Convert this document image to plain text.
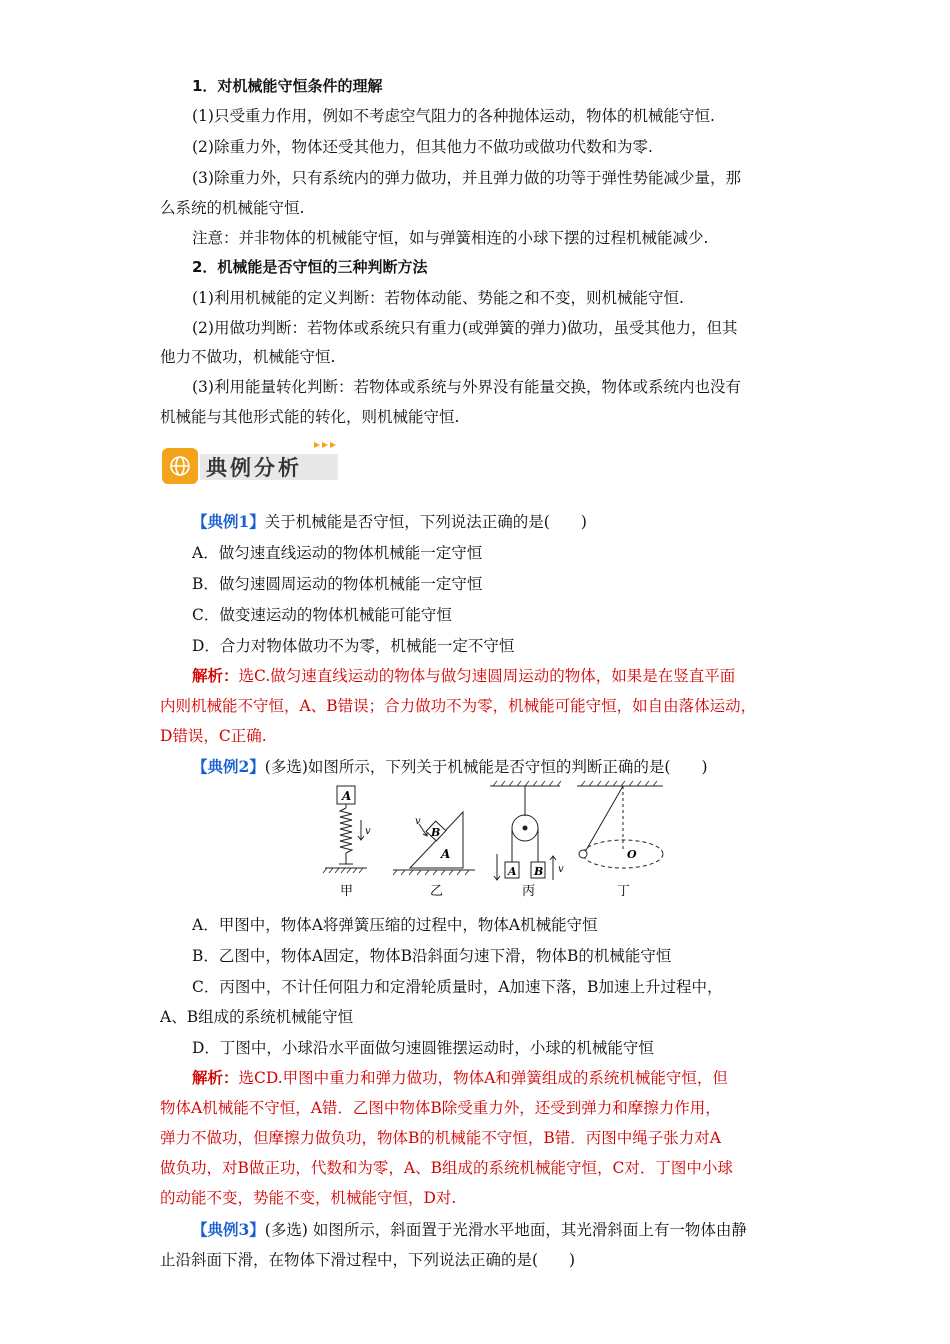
1．对机械能守恒条件的理解
(1)只受重力作用，例如不考虑空气阻力的各种抛体运动，物体的机械能守恒.
(2)除重力外，物体还受其他力，但其他力不做功或做功代数和为零.
(3)除重力外，只有系统内的弹力做功，并且弹力做的功等于弹性势能减少量，那
么系统的机械能守恒.
注意：并非物体的机械能守恒，如与弹簧相连的小球下摆的过程机械能减少.
2．机械能是否守恒的三种判断方法
(1)利用机械能的定义判断：若物体动能、势能之和不变，则机械能守恒.
(2)用做功判断：若物体或系统只有重力(或弹簧的弹力)做功，虽受其他力，但其
他力不做功，机械能守恒.
(3)利用能量转化判断：若物体或系统与外界没有能量交换，物体或系统内也没有
机械能与其他形式能的转化，则机械能守恒.
典例分析
【典例1】关于机械能是否守恒，下列说法正确的是(　　)
A．做匀速直线运动的物体机械能一定守恒
B．做匀速圆周运动的物体机械能一定守恒
C．做变速运动的物体机械能可能守恒
D．合力对物体做功不为零，机械能一定不守恒
解析：选C.做匀速直线运动的物体与做匀速圆周运动的物体，如果是在竖直平面
内则机械能不守恒，A、B错误；合力做功不为零，机械能可能守恒，如自由落体运动，
D错误，C正确.
【典例2】(多选)如图所示，下列关于机械能是否守恒的判断正确的是(　　)
A
v
甲
B
A
v
乙
A B v
丙
O
丁
A．甲图中，物体A将弹簧压缩的过程中，物体A机械能守恒
B．乙图中，物体A固定，物体B沿斜面匀速下滑，物体B的机械能守恒
C．丙图中，不计任何阻力和定滑轮质量时，A加速下落，B加速上升过程中，
A、B组成的系统机械能守恒
D．丁图中，小球沿水平面做匀速圆锥摆运动时，小球的机械能守恒
解析：选CD.甲图中重力和弹力做功，物体A和弹簧组成的系统机械能守恒，但
物体A机械能不守恒，A错．乙图中物体B除受重力外，还受到弹力和摩擦力作用，
弹力不做功，但摩擦力做负功，物体B的机械能不守恒，B错．丙图中绳子张力对A
做负功，对B做正功，代数和为零，A、B组成的系统机械能守恒，C对．丁图中小球
的动能不变，势能不变，机械能守恒，D对.
【典例3】(多选) 如图所示，斜面置于光滑水平地面，其光滑斜面上有一物体由静
止沿斜面下滑，在物体下滑过程中，下列说法正确的是(　　)
